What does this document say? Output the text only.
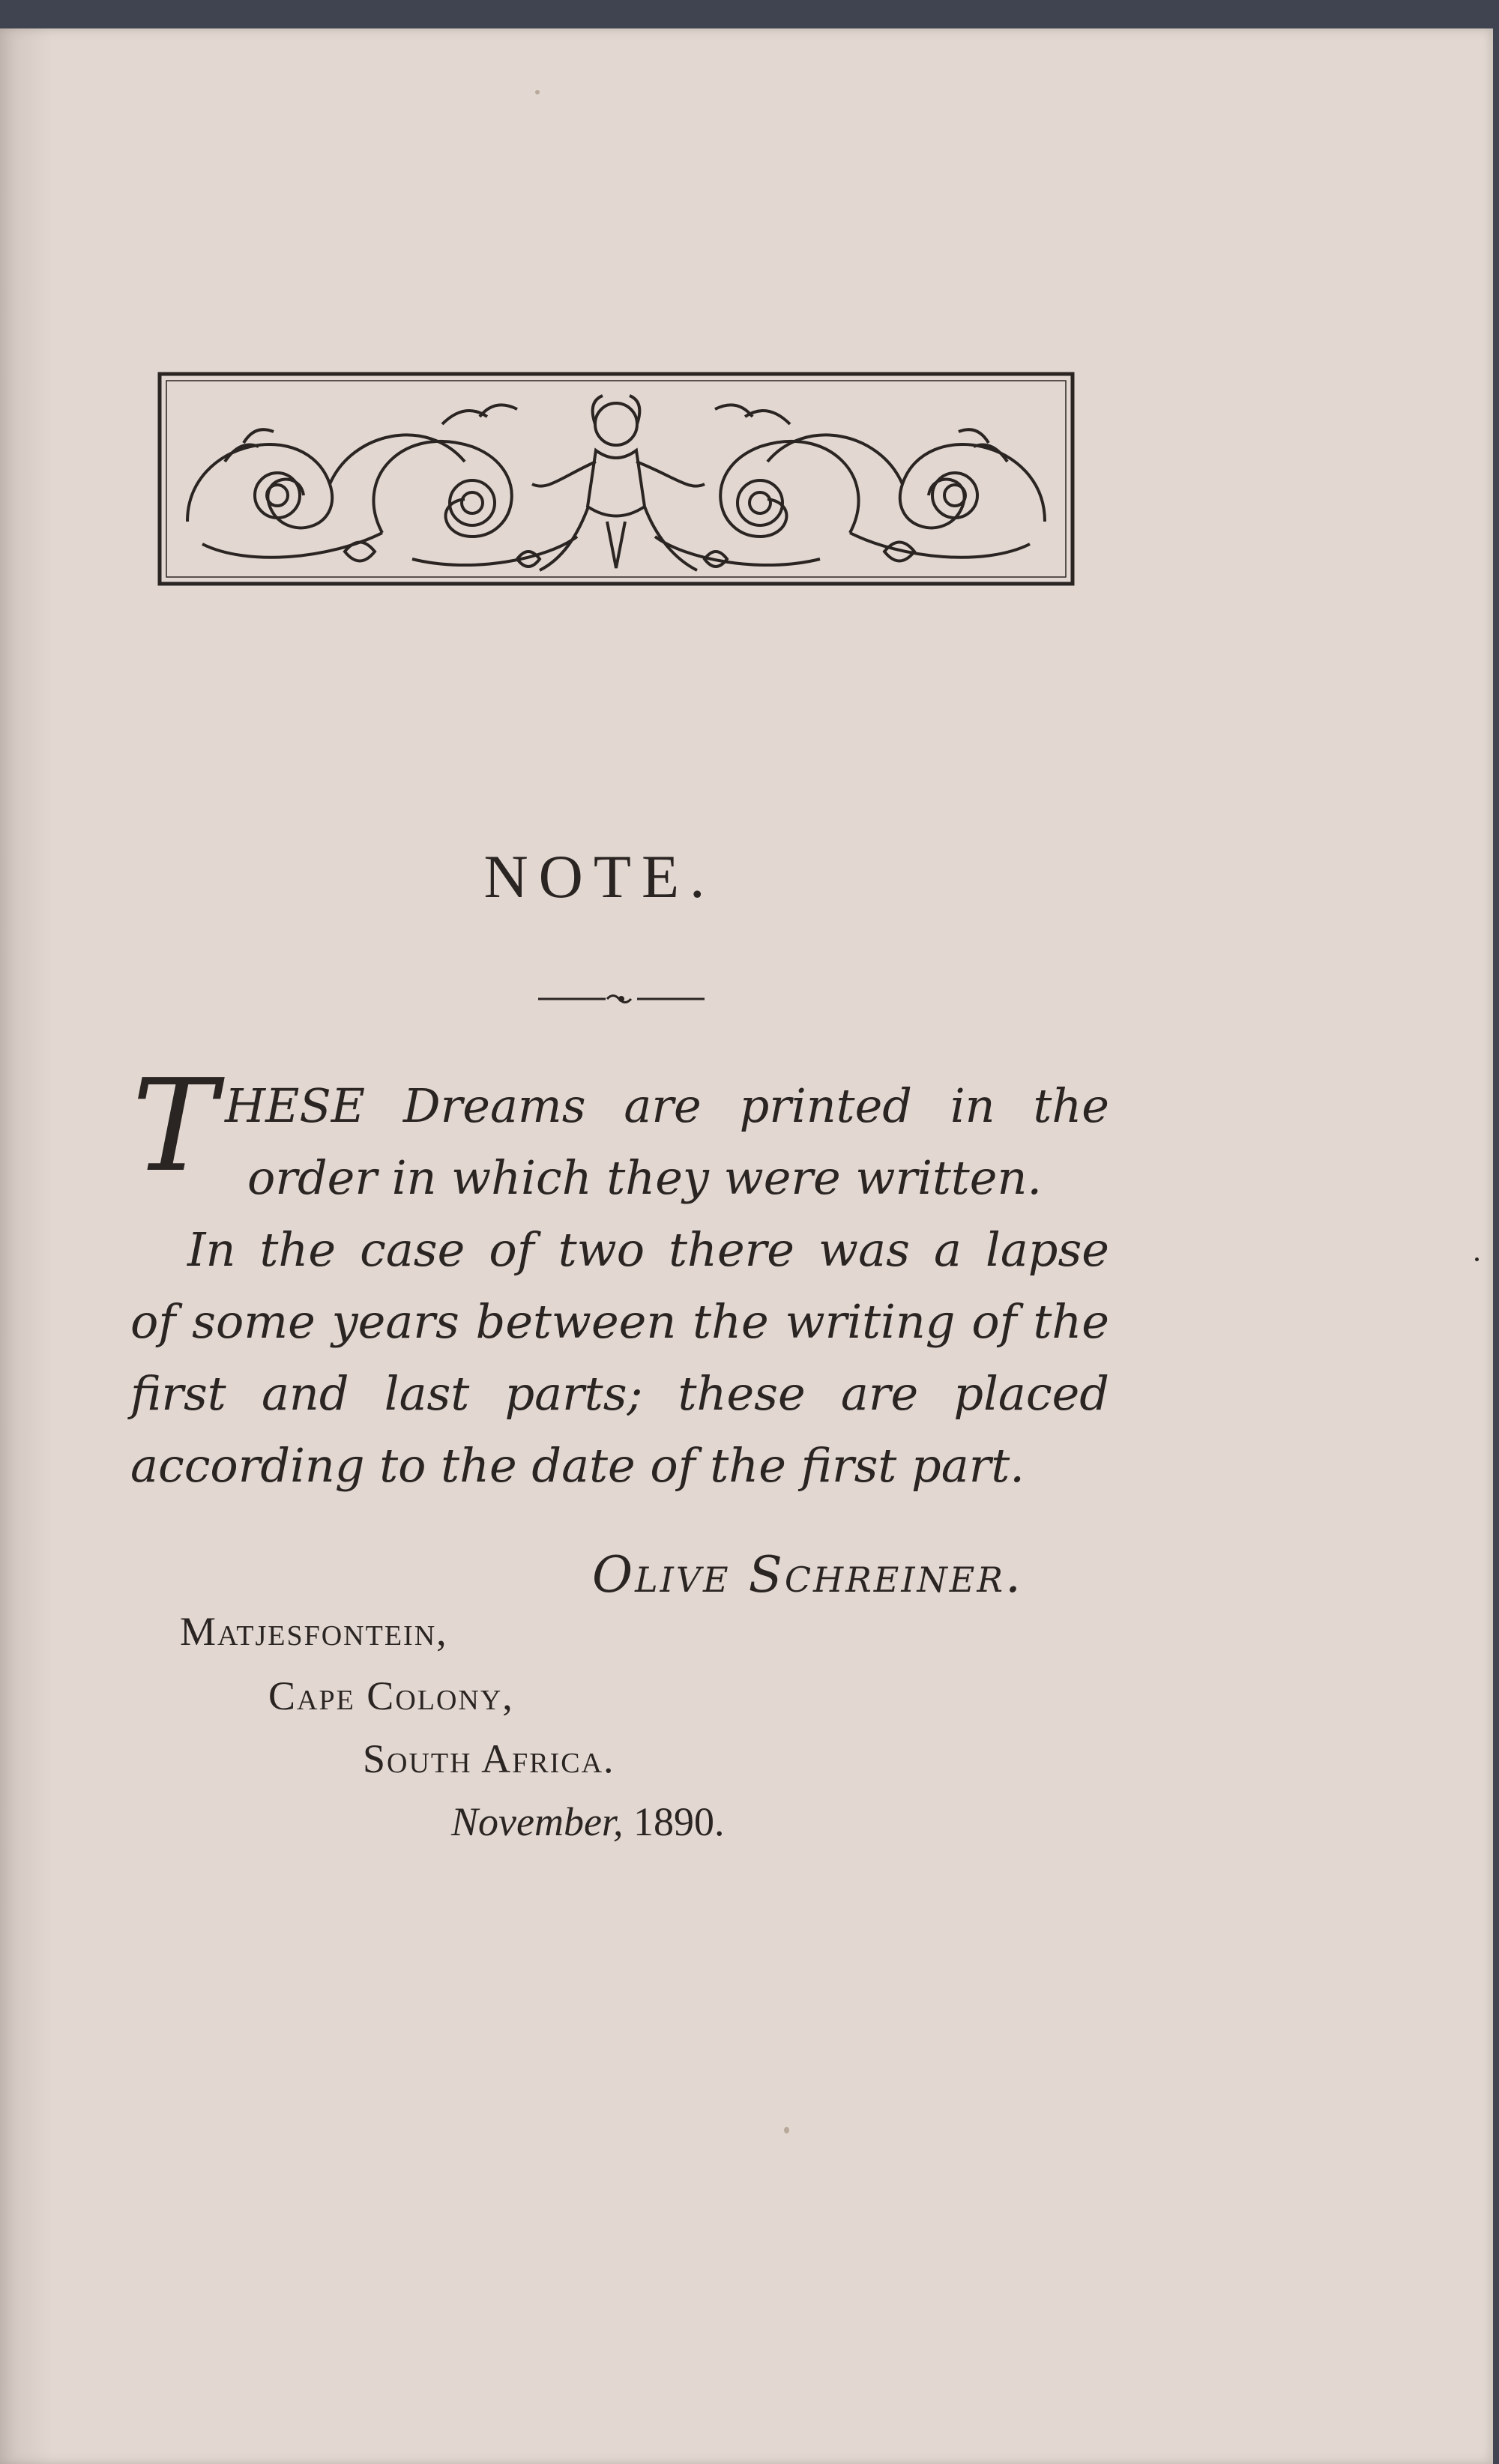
NOTE.
T HESE Dreams are printed in the
order in which they were written.
In the case of two there was a lapse
of some years between the writing of the
first and last parts; these are placed
according to the date of the first part.
Olive Schreiner.
Matjesfontein,
Cape Colony,
South Africa.
November, 1890.
